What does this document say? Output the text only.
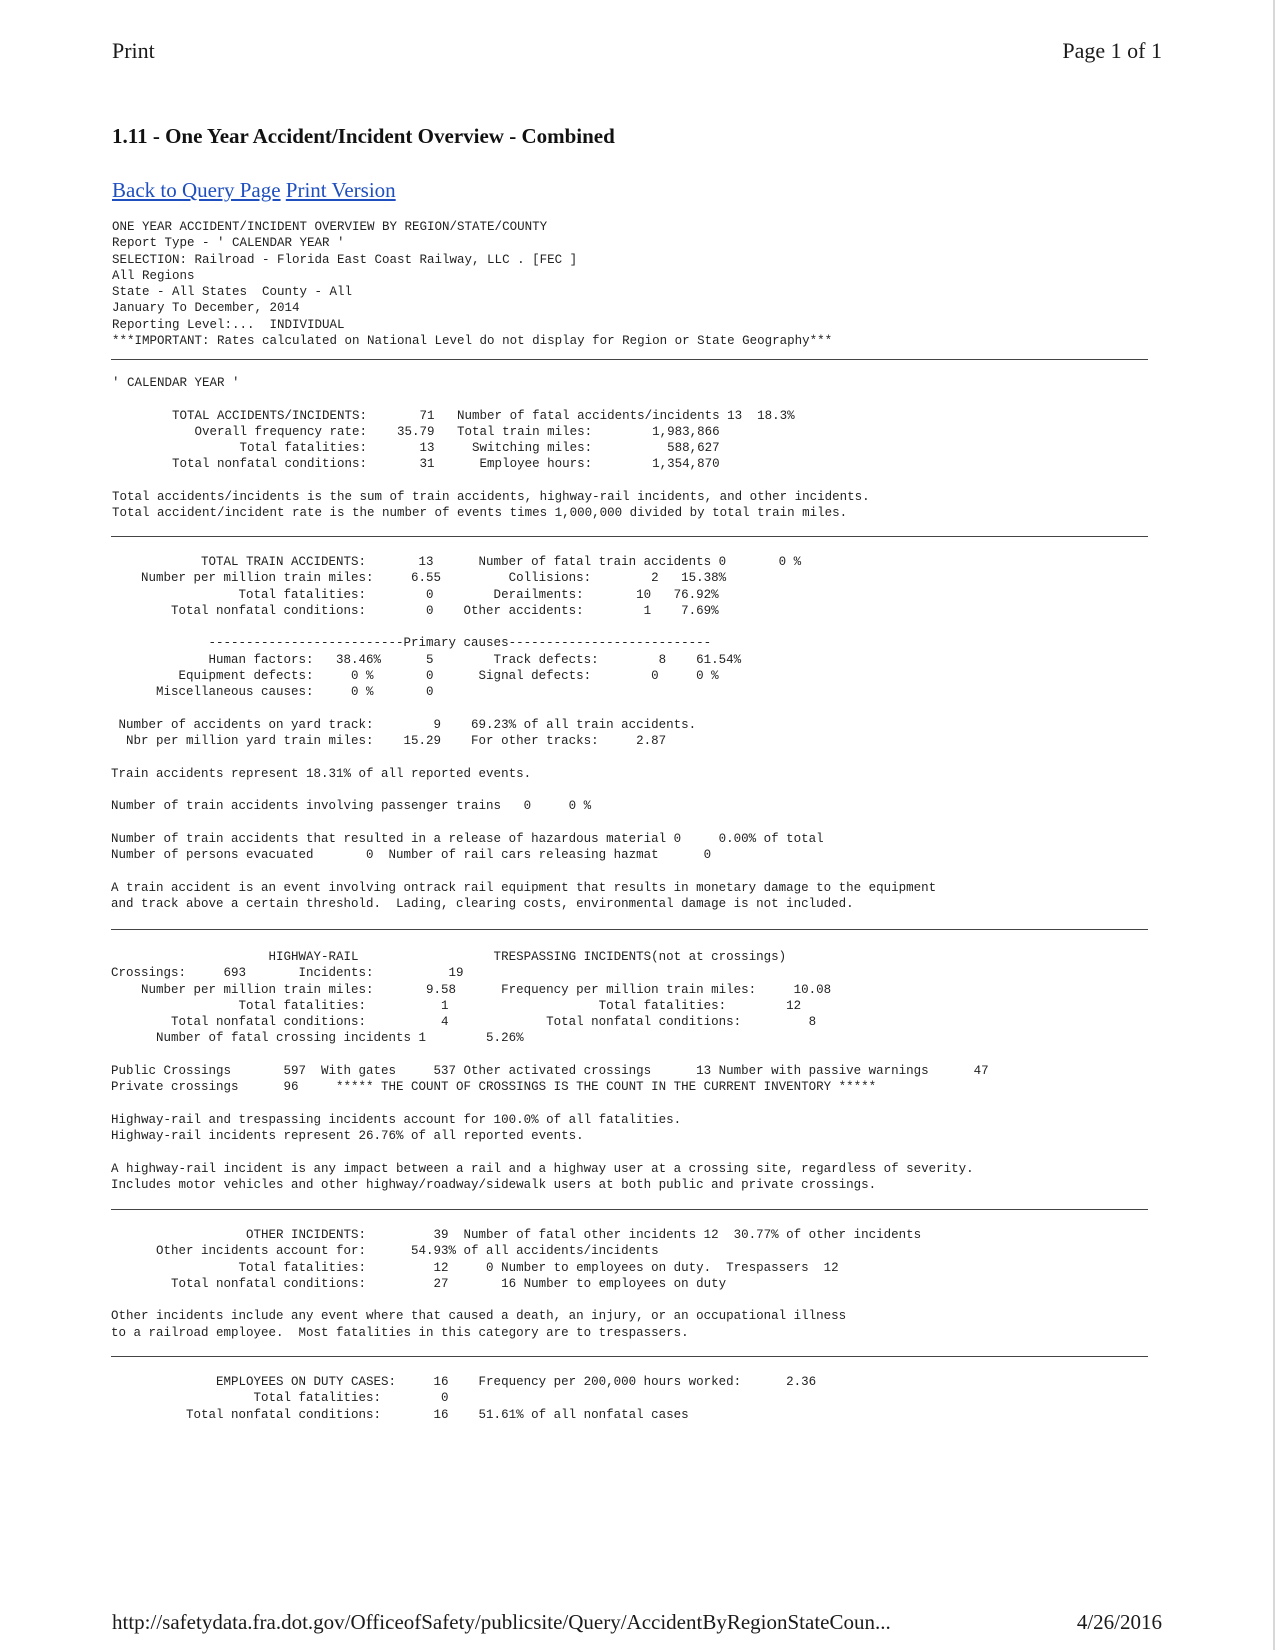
Print	Page 1 of 1
1.11 - One Year Accident/Incident Overview - Combined
Back to Query Page Print Version
ONE YEAR ACCIDENT/INCIDENT OVERVIEW BY REGION/STATE/COUNTY
Report Type - ' CALENDAR YEAR '
SELECTION: Railroad - Florida East Coast Railway, LLC . [FEC ]
All Regions
State - All States  County - All
January To December, 2014
Reporting Level:...  INDIVIDUAL
***IMPORTANT: Rates calculated on National Level do not display for Region or State Geography***
' CALENDAR YEAR '

TOTAL ACCIDENTS/INCIDENTS:       71   Number of fatal accidents/incidents 13  18.3%
Overall frequency rate:    35.79   Total train miles:        1,983,866
Total fatalities:       13     Switching miles:          588,627
Total nonfatal conditions:       31      Employee hours:        1,354,870

Total accidents/incidents is the sum of train accidents, highway-rail incidents, and other incidents.
Total accident/incident rate is the number of events times 1,000,000 divided by total train miles.
TOTAL TRAIN ACCIDENTS:       13      Number of fatal train accidents 0       0 %
Number per million train miles:     6.55         Collisions:        2   15.38%
Total fatalities:        0        Derailments:       10   76.92%
Total nonfatal conditions:        0    Other accidents:        1    7.69%

--------------------------Primary causes---------------------------
Human factors:   38.46%      5        Track defects:        8    61.54%
Equipment defects:     0 %       0      Signal defects:        0     0 %
Miscellaneous causes:     0 %       0

Number of accidents on yard track:        9    69.23% of all train accidents.
Nbr per million yard train miles:    15.29    For other tracks:     2.87

Train accidents represent 18.31% of all reported events.

Number of train accidents involving passenger trains   0     0 %

Number of train accidents that resulted in a release of hazardous material 0     0.00% of total
Number of persons evacuated       0  Number of rail cars releasing hazmat      0

A train accident is an event involving ontrack rail equipment that results in monetary damage to the equipment
and track above a certain threshold.  Lading, clearing costs, environmental damage is not included.
HIGHWAY-RAIL                  TRESPASSING INCIDENTS(not at crossings)
Crossings:     693       Incidents:          19
Number per million train miles:       9.58      Frequency per million train miles:     10.08
Total fatalities:          1                    Total fatalities:        12
Total nonfatal conditions:          4             Total nonfatal conditions:         8
Number of fatal crossing incidents 1        5.26%

Public Crossings       597  With gates     537 Other activated crossings      13 Number with passive warnings      47
Private crossings      96     ***** THE COUNT OF CROSSINGS IS THE COUNT IN THE CURRENT INVENTORY *****

Highway-rail and trespassing incidents account for 100.0% of all fatalities.
Highway-rail incidents represent 26.76% of all reported events.

A highway-rail incident is any impact between a rail and a highway user at a crossing site, regardless of severity.
Includes motor vehicles and other highway/roadway/sidewalk users at both public and private crossings.
OTHER INCIDENTS:         39  Number of fatal other incidents 12  30.77% of other incidents
Other incidents account for:      54.93% of all accidents/incidents
Total fatalities:         12     0 Number to employees on duty.  Trespassers  12
Total nonfatal conditions:         27       16 Number to employees on duty

Other incidents include any event where that caused a death, an injury, or an occupational illness
to a railroad employee.  Most fatalities in this category are to trespassers.
EMPLOYEES ON DUTY CASES:     16    Frequency per 200,000 hours worked:      2.36
Total fatalities:        0
Total nonfatal conditions:       16    51.61% of all nonfatal cases
http://safetydata.fra.dot.gov/OfficeofSafety/publicsite/Query/AccidentByRegionStateCoun...	4/26/2016
